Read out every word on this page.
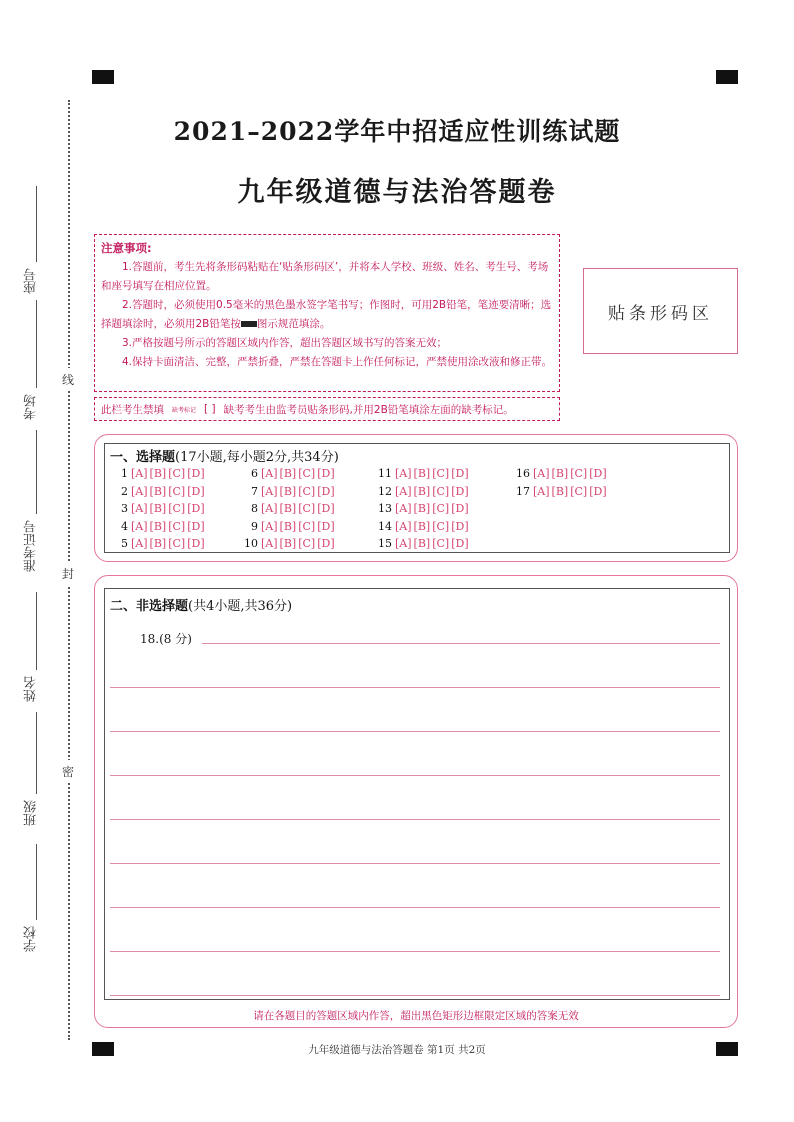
2021–2022学年中招适应性训练试题
九年级道德与法治答题卷
线
封
密
座号
考场
准考证号
姓名
班级
学校
注意事项:

1.答题前，考生先将条形码粘贴在‘贴条形码区’，并将本人学校、班级、姓名、考生号、考场和座号填写在相应位置。

2.答题时，必须使用0.5毫米的黑色墨水签字笔书写；作图时，可用2B铅笔，笔迹要清晰；选择题填涂时，必须用2B铅笔按 图示规范填涂。

3.严格按题号所示的答题区域内作答，超出答题区域书写的答案无效；

4.保持卡面清洁、完整，严禁折叠，严禁在答题卡上作任何标记，严禁使用涂改液和修正带。

贴条形码区
此栏考生禁填 缺考标记 [ ] 缺考考生由监考员贴条形码,并用2B铅笔填涂左面的缺考标记。
一、选择题(17小题,每小题2分,共34分)
1 [A] [B] [C] [D]
2 [A] [B] [C] [D]
3 [A] [B] [C] [D]
4 [A] [B] [C] [D]
5 [A] [B] [C] [D]
6 [A] [B] [C] [D]
7 [A] [B] [C] [D]
8 [A] [B] [C] [D]
9 [A] [B] [C] [D]
10 [A] [B] [C] [D]
11 [A] [B] [C] [D]
12 [A] [B] [C] [D]
13 [A] [B] [C] [D]
14 [A] [B] [C] [D]
15 [A] [B] [C] [D]
16 [A] [B] [C] [D]
17 [A] [B] [C] [D]
二、非选择题(共4小题,共36分)
18.(8 分)
请在各题目的答题区域内作答，超出黑色矩形边框限定区域的答案无效
九年级道德与法治答题卷 第1页 共2页
